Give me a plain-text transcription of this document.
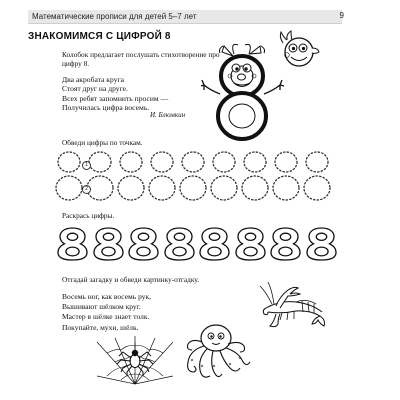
Математические прописи для детей 5–7 лет	9
ЗНАКОМИМСЯ С ЦИФРОЙ 8
Колобок предлагает послушать стихотворение про цифру 8.
Два акробата круга
Стоят друг на друге.
Всех ребят запомнить просим —
Получилась цифра восемь.
И. Блюмкин
Обведи цифры по точкам.
1
2
Раскрась цифры.
Отгадай загадку и обведи картинку-отгадку.
Восемь ног, как восемь рук,
Вышивают шёлком круг.
Мастер в шёлке знает толк.
Покупайте, мухи, шёлк.
